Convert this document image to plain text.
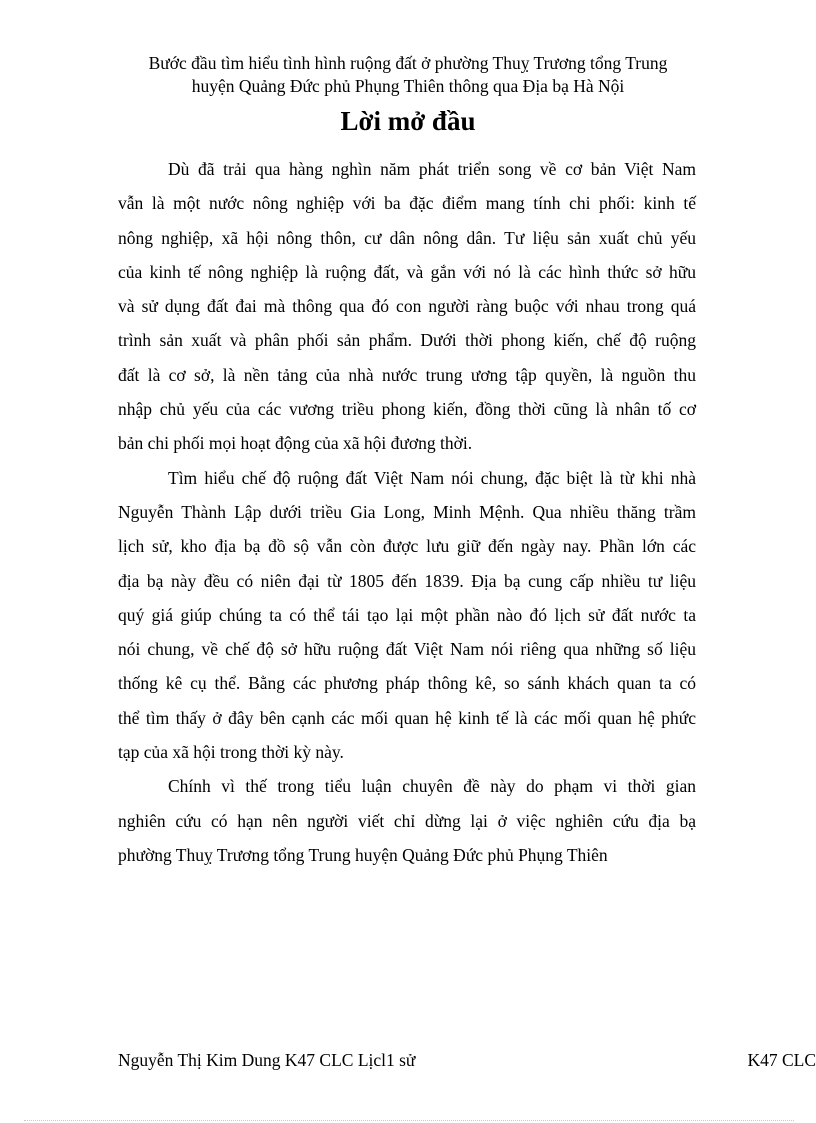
Bước đầu tìm hiểu tình hình ruộng đất ở phường Thuỵ Trương tổng Trung
huyện Quảng Đức phủ Phụng Thiên thông qua Địa bạ Hà Nội
Lời mở đầu

Dù đã trải qua hàng nghìn năm phát triển song về cơ bản Việt Nam
vẫn là một nước nông nghiệp với ba đặc điểm mang tính chi phối: kinh tế
nông nghiệp, xã hội nông thôn, cư dân nông dân. Tư liệu sản xuất chủ yếu
của kinh tế nông nghiệp là ruộng đất, và gắn với nó là các hình thức sở hữu
và sử dụng đất đai mà thông qua đó con người ràng buộc với nhau trong quá
trình sản xuất và phân phối sản phẩm. Dưới thời phong kiến, chế độ ruộng
đất là cơ sở, là nền tảng của nhà nước trung ương tập quyền, là nguồn thu
nhập chủ yếu của các vương triều phong kiến, đồng thời cũng là nhân tố cơ
bản chi phối mọi hoạt động của xã hội đương thời.

Tìm hiểu chế độ ruộng đất Việt Nam nói chung, đặc biệt là từ khi nhà
Nguyễn Thành Lập dưới triều Gia Long, Minh Mệnh. Qua nhiều thăng trầm
lịch sử, kho địa bạ đồ sộ vẫn còn được lưu giữ đến ngày nay. Phần lớn các
địa bạ này đều có niên đại từ 1805 đến 1839. Địa bạ cung cấp nhiều tư liệu
quý giá giúp chúng ta có thể tái tạo lại một phần nào đó lịch sử đất nước ta
nói chung, về chế độ sở hữu ruộng đất Việt Nam nói riêng qua những số liệu
thống kê cụ thể. Bằng các phương pháp thông kê, so sánh khách quan ta có
thể tìm thấy ở đây bên cạnh các mối quan hệ kinh tế là các mối quan hệ phức
tạp của xã hội trong thời kỳ này.

Chính vì thế trong tiểu luận chuyên đề này do phạm vi thời gian
nghiên cứu có hạn nên người viết chỉ dừng lại ở việc nghiên cứu địa bạ
phường Thuỵ Trương tổng Trung huyện Quảng Đức phủ Phụng Thiên

Nguyễn Thị Kim Dung K47 CLC Lịcl1 sử	K47 CLC
